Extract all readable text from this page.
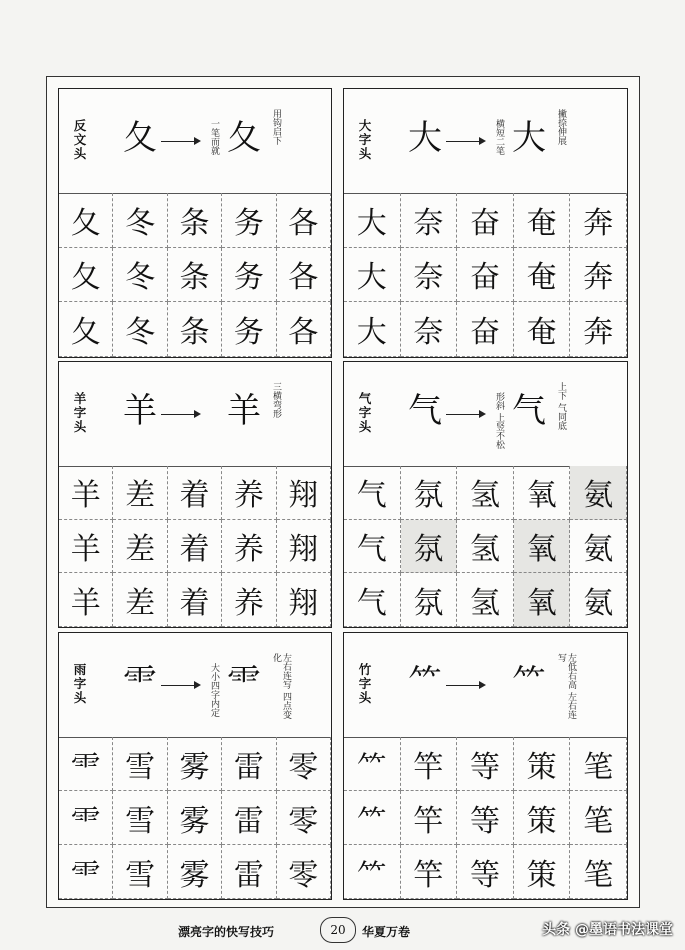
反文头 夂	一笔而就 夂 用钩启下
夂 冬 条 务 各
夂 冬 条 务 各
夂 冬 条 务 各
大字头 大	横短二笔 大 撇捺伸展
大 奈 奋 奄 奔
大 奈 奋 奄 奔
大 奈 奋 奄 奔
羊字头 羊 羊 三横弯形
羊 差 着 养 翔
羊 差 着 养 翔
羊 差 着 养 翔
气字头 气	形斜 上竖不松 气 上下 气同底
气 氛 氢 氧 氨
气 氛 氢 氧 氨
气 氛 氢 氧 氨
雨字头 ⻗	大小四字内定 ⻗	左右连写 四点变化
⻗ 雪 雾 雷 零
⻗ 雪 雾 雷 零
⻗ 雪 雾 雷 零
竹字头 ⺮ ⺮	左低右高 左右连写
⺮ 竿 等 策 笔
⺮ 竿 等 策 笔
⺮ 竿 等 策 笔
漂亮字的快写技巧	20	华夏万卷	头条 @墨语书法课堂
